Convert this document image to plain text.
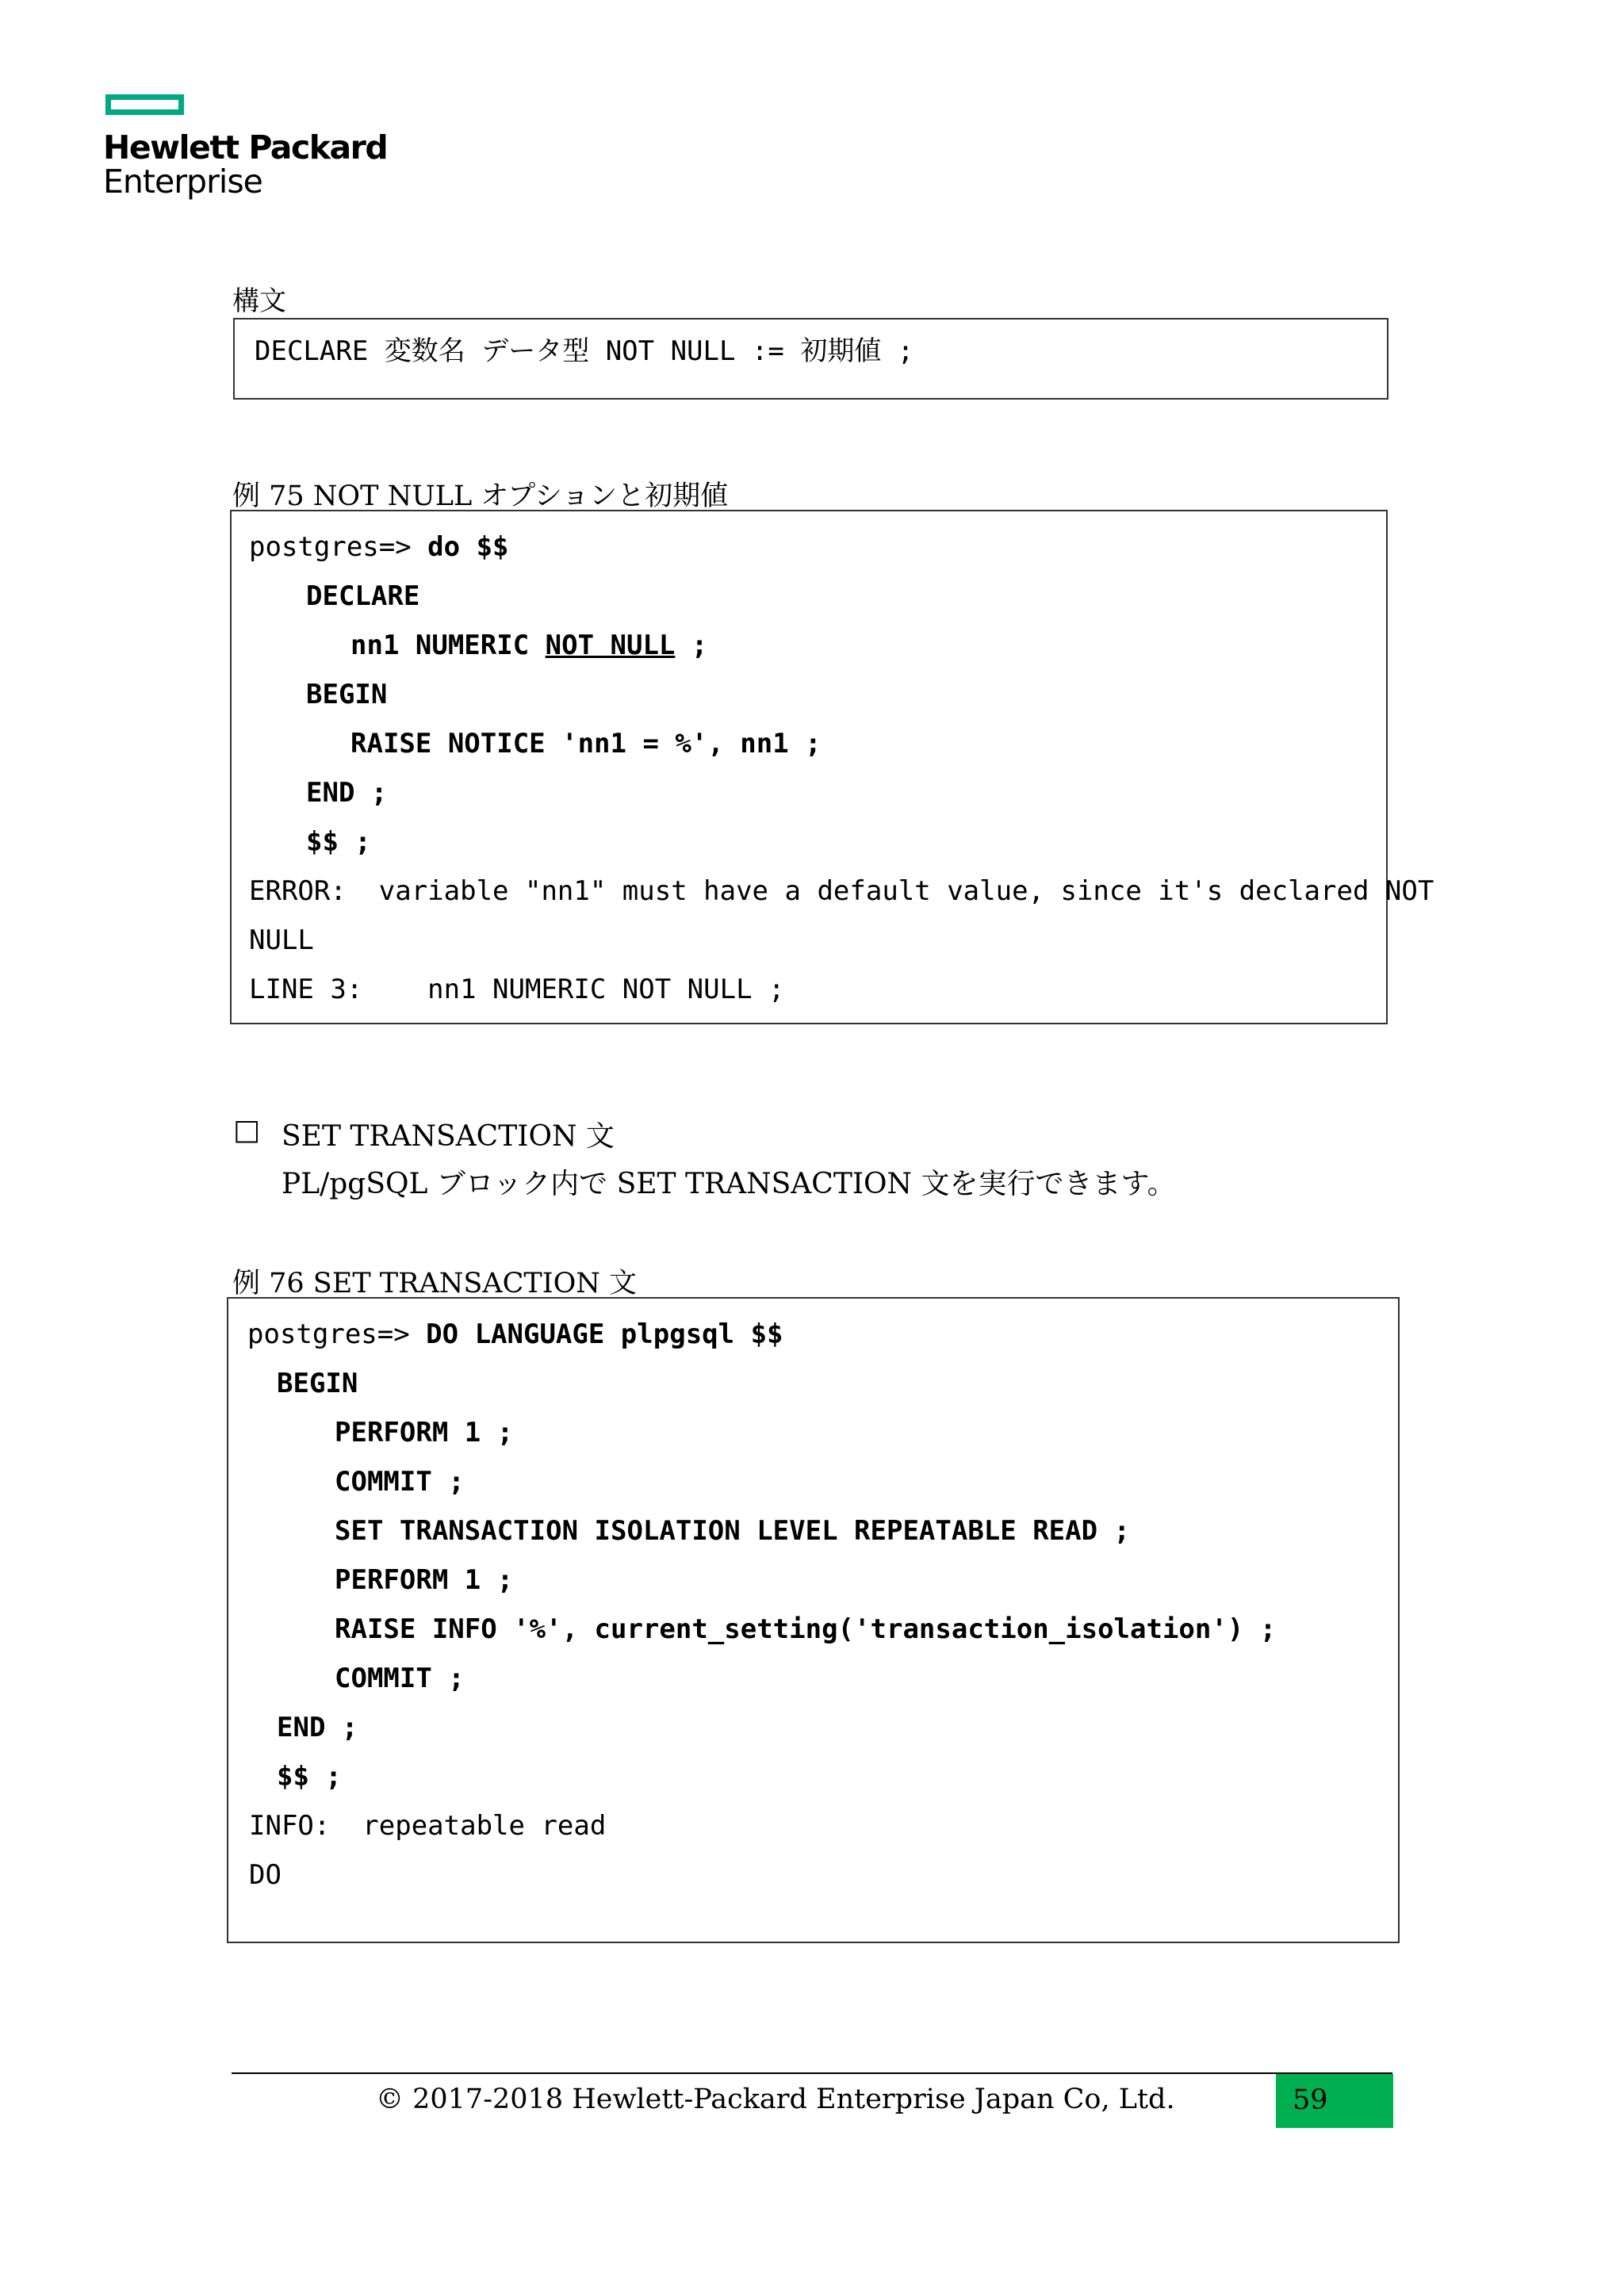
Hewlett Packard
Enterprise
構文
DECLARE 変数名 データ型 NOT NULL := 初期値 ;
例 75 NOT NULL オプションと初期値
postgres=> do $$
DECLARE
nn1 NUMERIC NOT NULL ;
BEGIN
RAISE NOTICE 'nn1 = %', nn1 ;
END ;
$$ ;
ERROR:  variable "nn1" must have a default value, since it's declared NOT
NULL
LINE 3:    nn1 NUMERIC NOT NULL ;
□ SET TRANSACTION 文
PL/pgSQL ブロック内で SET TRANSACTION 文を実行できます。
例 76 SET TRANSACTION 文
postgres=> DO LANGUAGE plpgsql $$
BEGIN
PERFORM 1 ;
COMMIT ;
SET TRANSACTION ISOLATION LEVEL REPEATABLE READ ;
PERFORM 1 ;
RAISE INFO '%', current_setting('transaction_isolation') ;
COMMIT ;
END ;
$$ ;
INFO:  repeatable read
DO
© 2017-2018 Hewlett-Packard Enterprise Japan Co, Ltd.	59
